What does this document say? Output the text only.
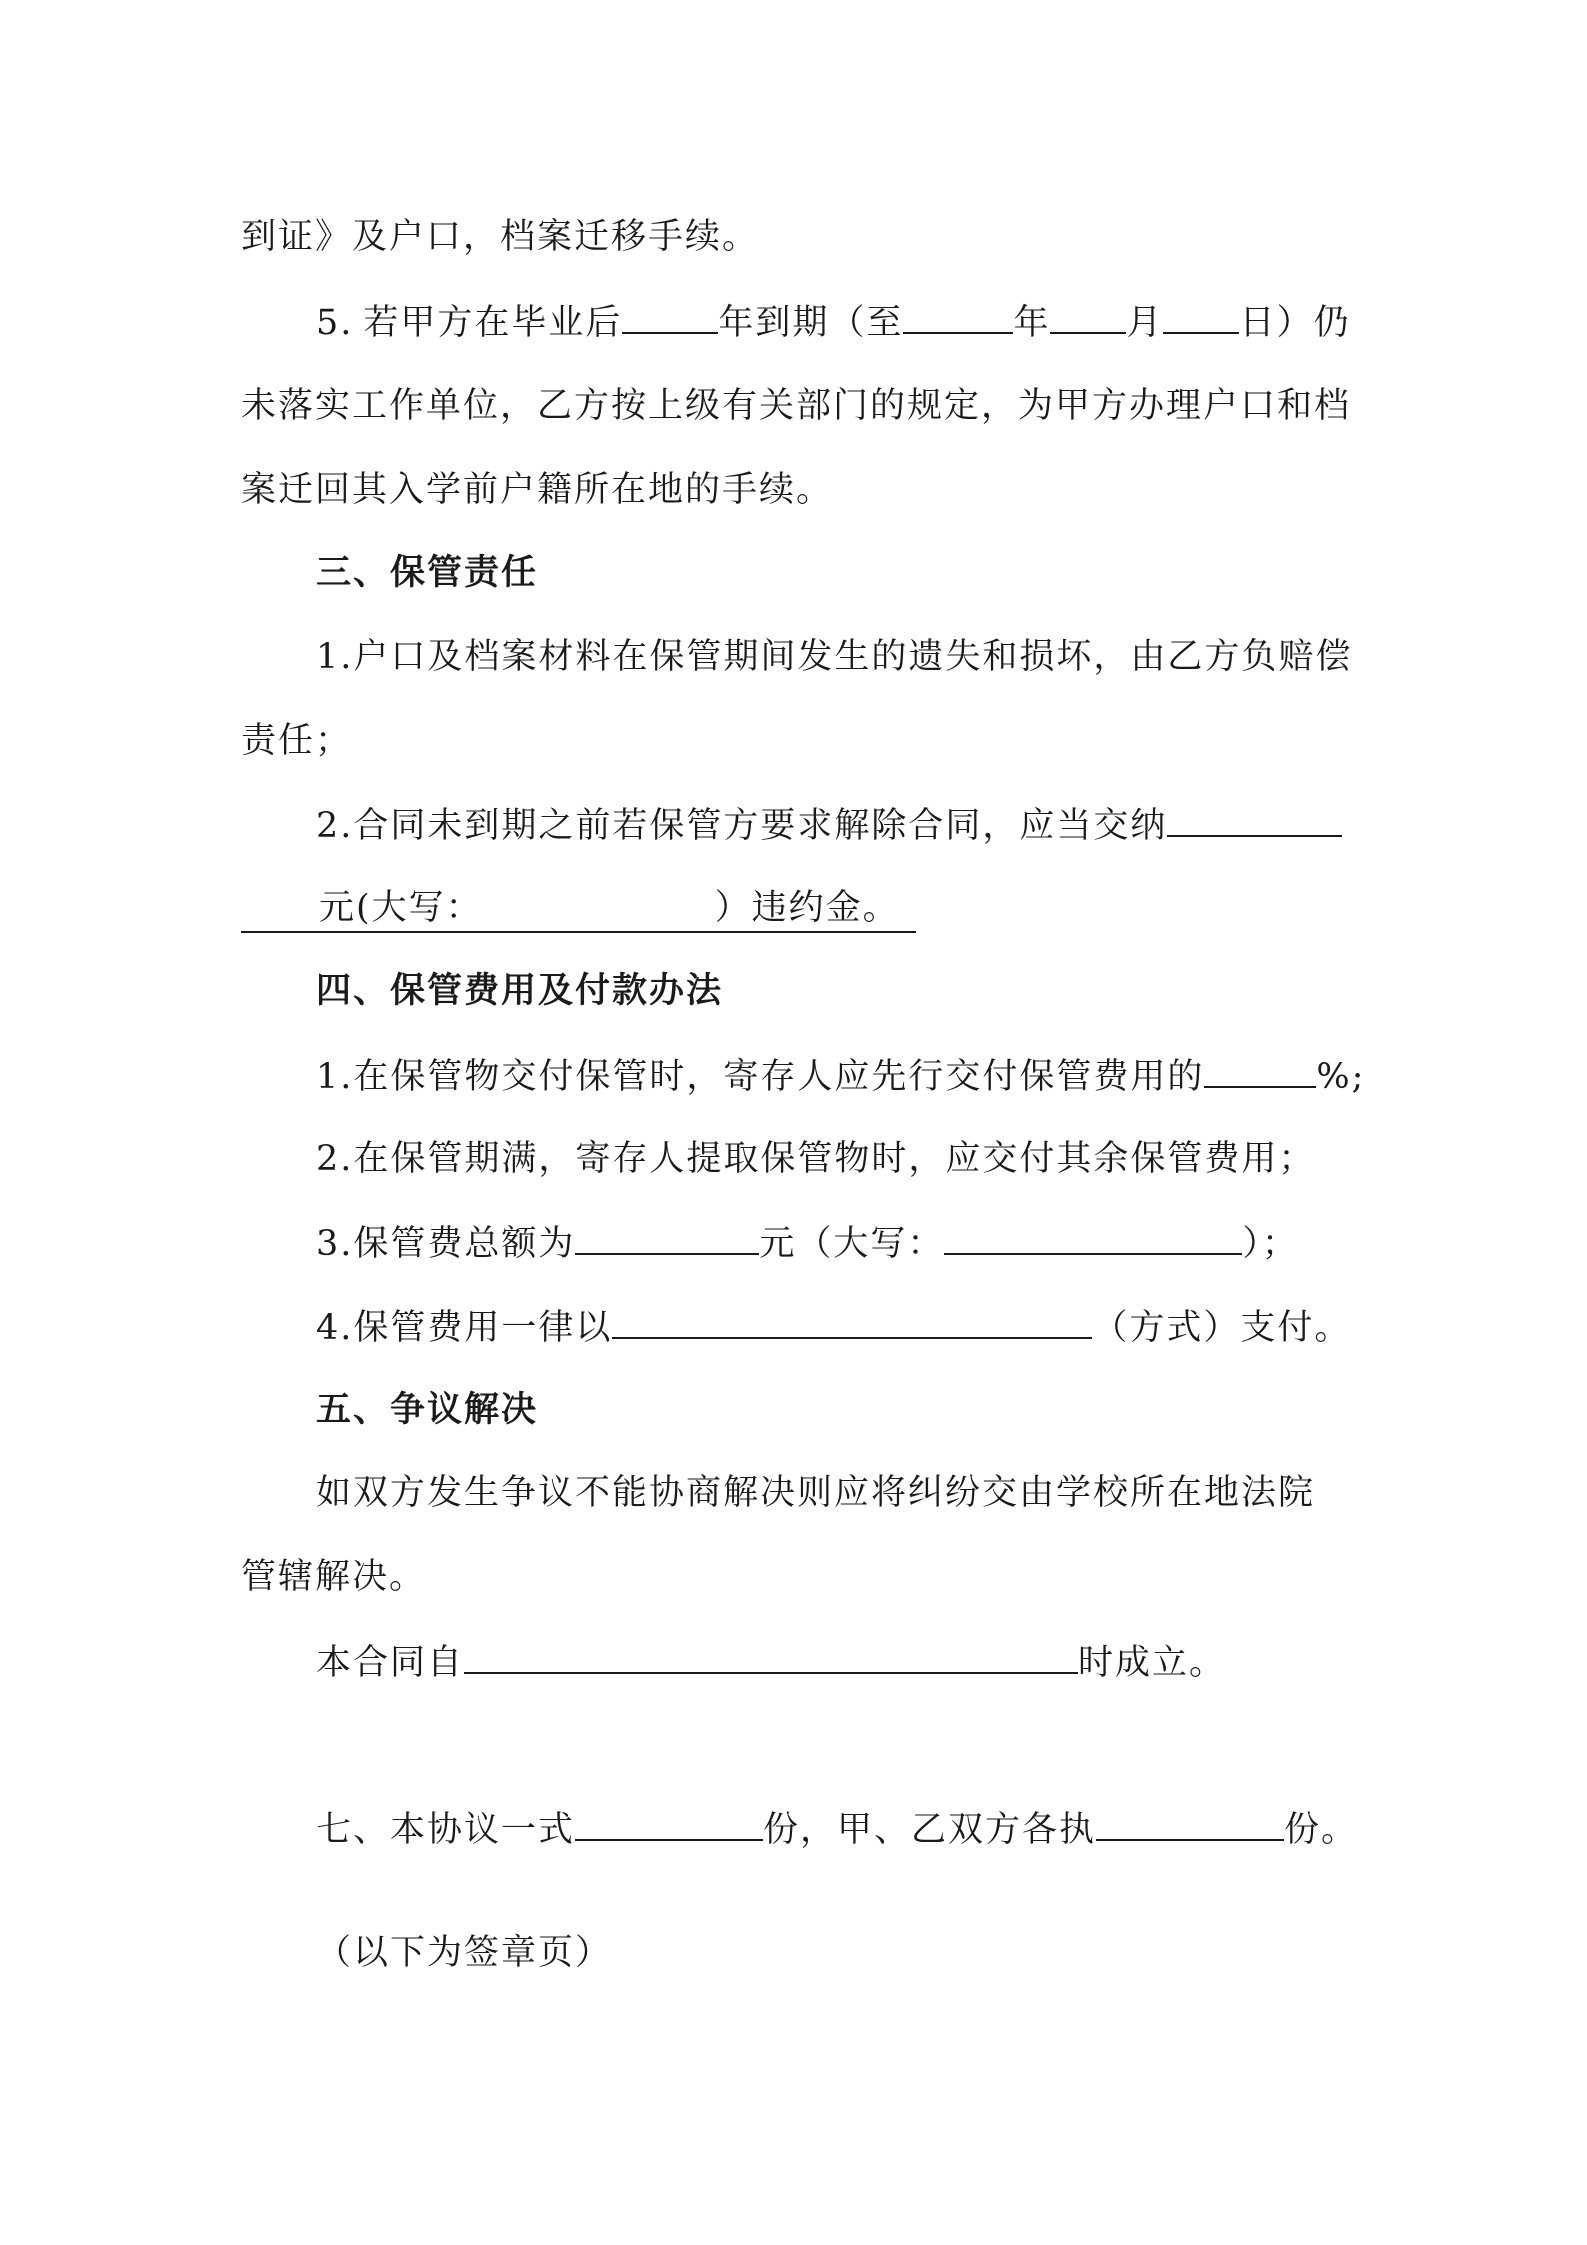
到证》及户口，档案迁移手续。
5. 若甲方在毕业后	年到期（至	年 月 日）仍
未落实工作单位，乙方按上级有关部门的规定，为甲方办理户口和档
案迁回其入学前户籍所在地的手续。
三、保管责任
1.户口及档案材料在保管期间发生的遗失和损坏，由乙方负赔偿
责任；
2.合同未到期之前若保管方要求解除合同，应当交纳
元(大写：	）违约金。
四、保管费用及付款办法
1.在保管物交付保管时，寄存人应先行交付保管费用的	%;
2.在保管期满，寄存人提取保管物时，应交付其余保管费用；
3.保管费总额为	元（大写：	）；
4.保管费用一律以	（方式）支付。
五、争议解决
如双方发生争议不能协商解决则应将纠纷交由学校所在地法院
管辖解决。
本合同自	时成立。
七、本协议一式	份，甲、乙双方各执	份。
（以下为签章页）
